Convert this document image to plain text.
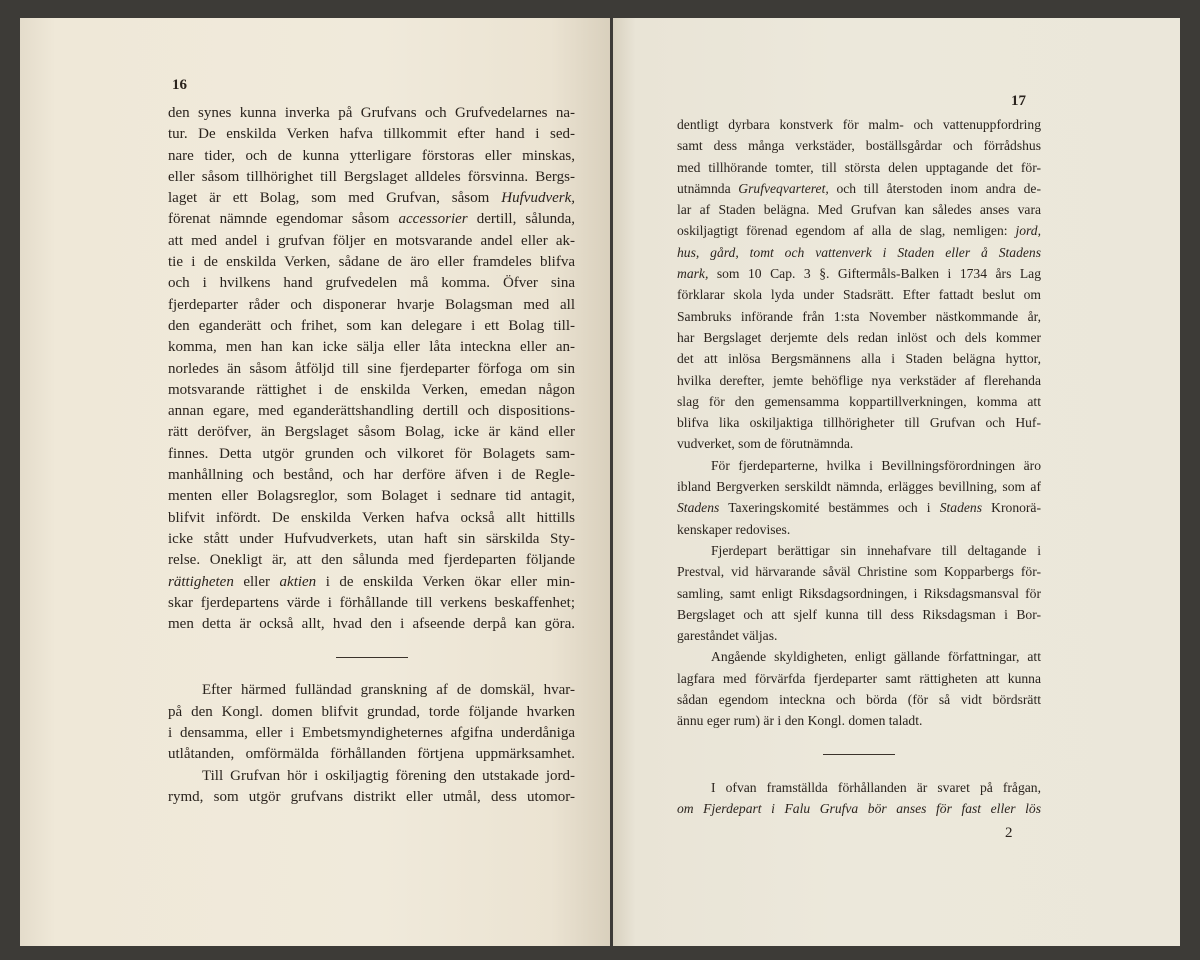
16
den synes kunna inverka på Grufvans och Grufvedelarnes na-
tur. De enskilda Verken hafva tillkommit efter hand i sed-
nare tider, och de kunna ytterligare förstoras eller minskas,
eller såsom tillhörighet till Bergslaget alldeles försvinna. Bergs-
laget är ett Bolag, som med Grufvan, såsom Hufvudverk,
förenat nämnde egendomar såsom accessorier dertill, sålunda,
att med andel i grufvan följer en motsvarande andel eller ak-
tie i de enskilda Verken, sådane de äro eller framdeles blifva
och i hvilkens hand grufvedelen må komma. Öfver sina
fjerdeparter råder och disponerar hvarje Bolagsman med all
den eganderätt och frihet, som kan delegare i ett Bolag till-
komma, men han kan icke sälja eller låta inteckna eller an-
norledes än såsom åtföljd till sine fjerdeparter förfoga om sin
motsvarande rättighet i de enskilda Verken, emedan någon
annan egare, med eganderättshandling dertill och dispositions-
rätt deröfver, än Bergslaget såsom Bolag, icke är känd eller
finnes. Detta utgör grunden och vilkoret för Bolagets sam-
manhållning och bestånd, och har derföre äfven i de Regle-
menten eller Bolagsreglor, som Bolaget i sednare tid antagit,
blifvit infördt. De enskilda Verken hafva också allt hittills
icke stått under Hufvudverkets, utan haft sin särskilda Sty-
relse. Onekligt är, att den sålunda med fjerdeparten följande
rättigheten eller aktien i de enskilda Verken ökar eller min-
skar fjerdepartens värde i förhållande till verkens beskaffenhet;
men detta är också allt, hvad den i afseende derpå kan göra.
Efter härmed fulländad granskning af de domskäl, hvar-
på den Kongl. domen blifvit grundad, torde följande hvarken
i densamma, eller i Embetsmyndigheternes afgifna underdåniga
utlåtanden, omförmälda förhållanden förtjena uppmärksamhet.
Till Grufvan hör i oskiljagtig förening den utstakade jord-
rymd, som utgör grufvans distrikt eller utmål, dess utomor-
17
dentligt dyrbara konstverk för malm- och vattenuppfordring
samt dess många verkstäder, boställsgårdar och förrådshus
med tillhörande tomter, till största delen upptagande det för-
utnämnda Grufveqvarteret, och till återstoden inom andra de-
lar af Staden belägna. Med Grufvan kan således anses vara
oskiljagtigt förenad egendom af alla de slag, nemligen: jord,
hus, gård, tomt och vattenverk i Staden eller å Stadens
mark, som 10 Cap. 3 §. Giftermåls-Balken i 1734 års Lag
förklarar skola lyda under Stadsrätt. Efter fattadt beslut om
Sambruks införande från 1:sta November nästkommande år,
har Bergslaget derjemte dels redan inlöst och dels kommer
det att inlösa Bergsmännens alla i Staden belägna hyttor,
hvilka derefter, jemte behöflige nya verkstäder af flerehanda
slag för den gemensamma koppartillverkningen, komma att
blifva lika oskiljaktiga tillhörigheter till Grufvan och Huf-
vudverket, som de förutnämnda.
För fjerdeparterne, hvilka i Bevillningsförordningen äro
ibland Bergverken serskildt nämnda, erlägges bevillning, som af
Stadens Taxeringskomité bestämmes och i Stadens Kronorä-
kenskaper redovises.
Fjerdepart berättigar sin innehafvare till deltagande i
Prestval, vid härvarande såväl Christine som Kopparbergs för-
samling, samt enligt Riksdagsordningen, i Riksdagsmansval för
Bergslaget och att sjelf kunna till dess Riksdagsman i Bor-
gareståndet väljas.
Angående skyldigheten, enligt gällande författningar, att
lagfara med förvärfda fjerdeparter samt rättigheten att kunna
sådan egendom inteckna och börda (för så vidt bördsrätt
ännu eger rum) är i den Kongl. domen taladt.
I ofvan framställda förhållanden är svaret på frågan,
om Fjerdepart i Falu Grufva bör anses för fast eller lös
2
